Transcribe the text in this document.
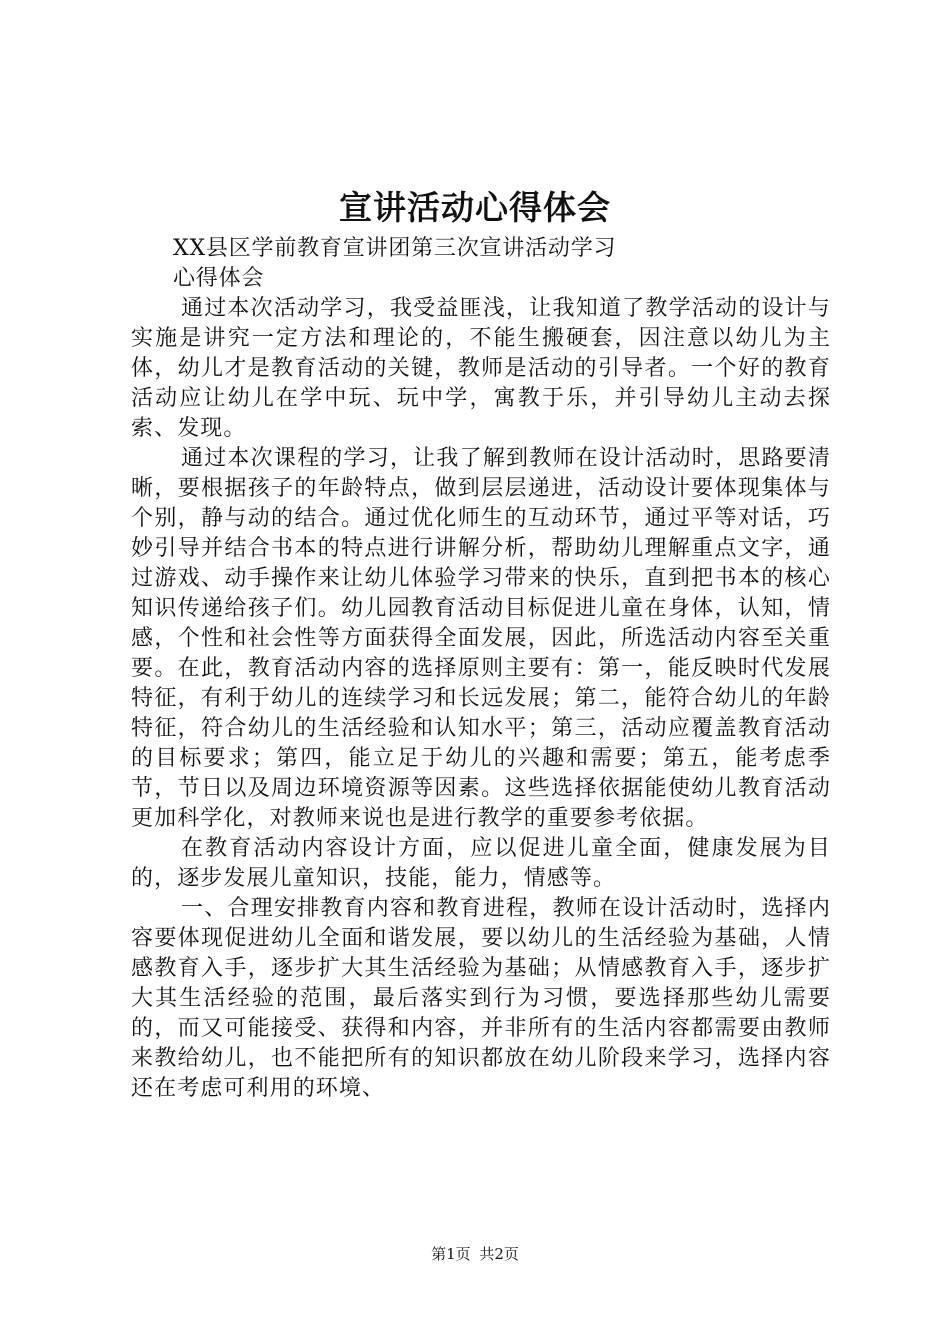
宣讲活动心得体会

XX县区学前教育宣讲团第三次宣讲活动学习

心得体会

通过本次活动学习，我受益匪浅，让我知道了教学活动的设计与实施是讲究一定方法和理论的，不能生搬硬套，因注意以幼儿为主体，幼儿才是教育活动的关键，教师是活动的引导者。一个好的教育活动应让幼儿在学中玩、玩中学，寓教于乐，并引导幼儿主动去探索、发现。

通过本次课程的学习，让我了解到教师在设计活动时，思路要清晰，要根据孩子的年龄特点，做到层层递进，活动设计要体现集体与个别，静与动的结合。通过优化师生的互动环节，通过平等对话，巧妙引导并结合书本的特点进行讲解分析，帮助幼儿理解重点文字，通过游戏、动手操作来让幼儿体验学习带来的快乐，直到把书本的核心知识传递给孩子们。幼儿园教育活动目标促进儿童在身体，认知，情感，个性和社会性等方面获得全面发展，因此，所选活动内容至关重要。在此，教育活动内容的选择原则主要有：第一，能反映时代发展特征，有利于幼儿的连续学习和长远发展；第二，能符合幼儿的年龄特征，符合幼儿的生活经验和认知水平；第三，活动应覆盖教育活动的目标要求；第四，能立足于幼儿的兴趣和需要；第五，能考虑季节，节日以及周边环境资源等因素。这些选择依据能使幼儿教育活动更加科学化，对教师来说也是进行教学的重要参考依据。

在教育活动内容设计方面，应以促进儿童全面，健康发展为目的，逐步发展儿童知识，技能，能力，情感等。

一、合理安排教育内容和教育进程，教师在设计活动时，选择内容要体现促进幼儿全面和谐发展，要以幼儿的生活经验为基础，人情感教育入手，逐步扩大其生活经验为基础；从情感教育入手，逐步扩大其生活经验的范围，最后落实到行为习惯，要选择那些幼儿需要的，而又可能接受、获得和内容，并非所有的生活内容都需要由教师来教给幼儿，也不能把所有的知识都放在幼儿阶段来学习，选择内容还在考虑可利用的环境、

第1页 共2页
